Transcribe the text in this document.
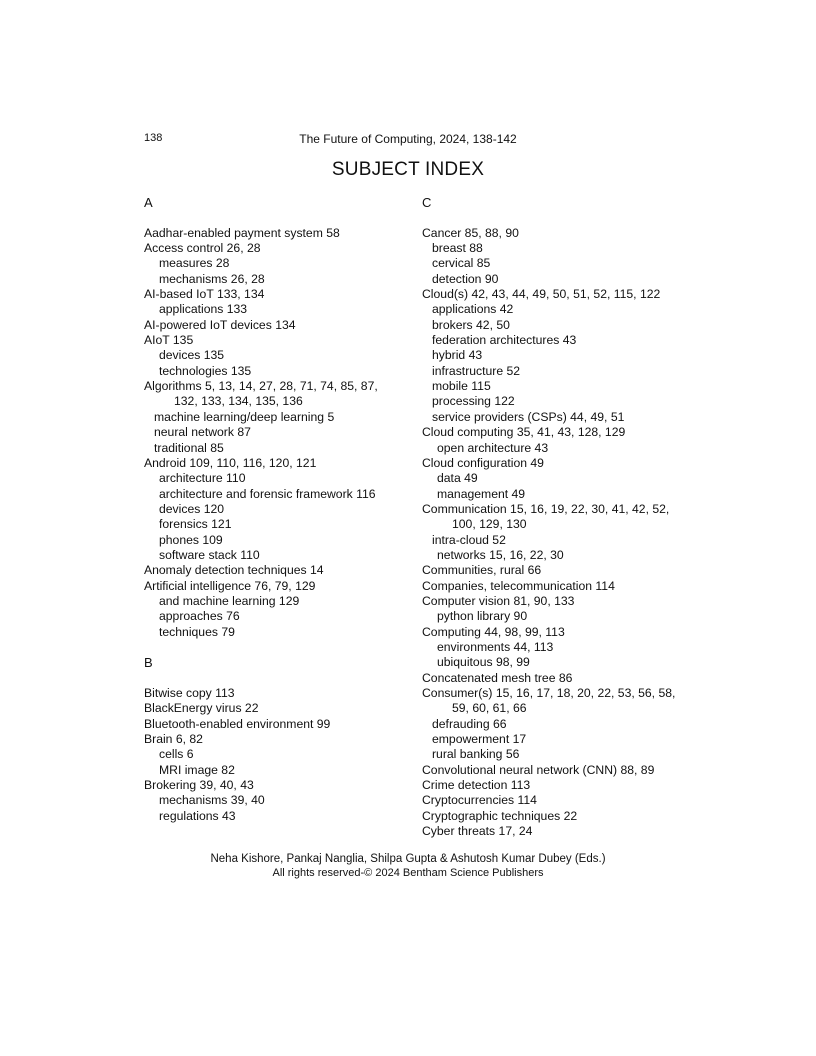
138	The Future of Computing, 2024, 138-142
SUBJECT INDEX
A
Aadhar-enabled payment system 58
Access control 26, 28
measures 28
mechanisms 26, 28
AI-based IoT 133, 134
applications 133
AI-powered IoT devices 134
AIoT 135
devices 135
technologies 135
Algorithms 5, 13, 14, 27, 28, 71, 74, 85, 87,
132, 133, 134, 135, 136
machine learning/deep learning 5
neural network 87
traditional 85
Android 109, 110, 116, 120, 121
architecture 110
architecture and forensic framework 116
devices 120
forensics 121
phones 109
software stack 110
Anomaly detection techniques 14
Artificial intelligence 76, 79, 129
and machine learning 129
approaches 76
techniques 79
B
Bitwise copy 113
BlackEnergy virus 22
Bluetooth-enabled environment 99
Brain 6, 82
cells 6
MRI image 82
Brokering 39, 40, 43
mechanisms 39, 40
regulations 43
C
Cancer 85, 88, 90
breast 88
cervical 85
detection 90
Cloud(s) 42, 43, 44, 49, 50, 51, 52, 115, 122
applications 42
brokers 42, 50
federation architectures 43
hybrid 43
infrastructure 52
mobile 115
processing 122
service providers (CSPs) 44, 49, 51
Cloud computing 35, 41, 43, 128, 129
open architecture 43
Cloud configuration 49
data 49
management 49
Communication 15, 16, 19, 22, 30, 41, 42, 52,
100, 129, 130
intra-cloud 52
networks 15, 16, 22, 30
Communities, rural 66
Companies, telecommunication 114
Computer vision 81, 90, 133
python library 90
Computing 44, 98, 99, 113
environments 44, 113
ubiquitous 98, 99
Concatenated mesh tree 86
Consumer(s) 15, 16, 17, 18, 20, 22, 53, 56, 58,
59, 60, 61, 66
defrauding 66
empowerment 17
rural banking 56
Convolutional neural network (CNN) 88, 89
Crime detection 113
Cryptocurrencies 114
Cryptographic techniques 22
Cyber threats 17, 24
Neha Kishore, Pankaj Nanglia, Shilpa Gupta & Ashutosh Kumar Dubey (Eds.)
All rights reserved-© 2024 Bentham Science Publishers
